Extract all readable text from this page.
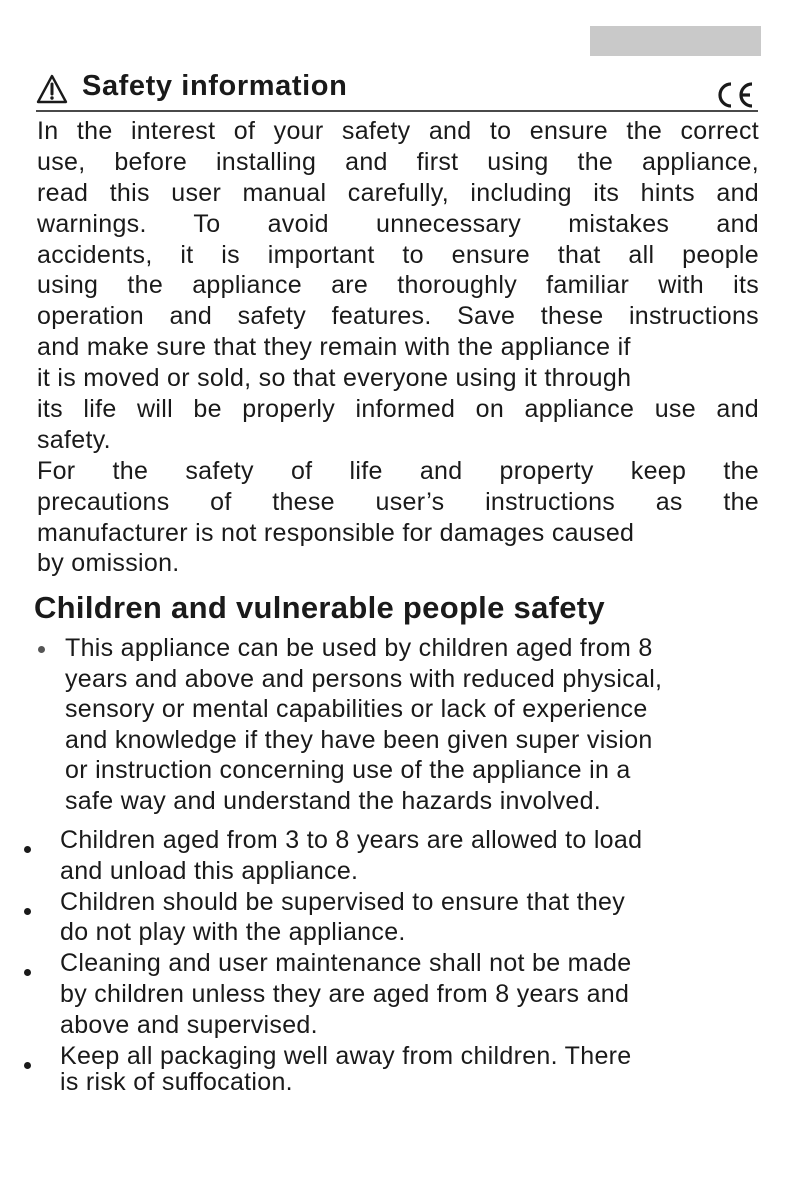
Safety information
In the interest of your safety and to ensure the correct
use, before installing and first using the appliance,
read this user manual carefully, including its hints and
warnings. To avoid unnecessary mistakes and
accidents, it is important to ensure that all people
using the appliance are thoroughly familiar with its
operation and safety features. Save these instructions
and make sure that they remain with the appliance if
it is moved or sold, so that everyone using it through
its life will be properly informed on appliance use and
safety.
For the safety of life and property keep the
precautions of these user’s instructions as the
manufacturer is not responsible for damages caused
by omission.
Children and vulnerable people safety
This appliance can be used by children aged from 8
years and above and persons with reduced physical,
sensory or mental capabilities or lack of experience
and knowledge if they have been given super vision
or instruction concerning use of the appliance in a
safe way and understand the hazards involved.
Children aged from 3 to 8 years are allowed to load
and unload this appliance.
Children should be supervised to ensure that they
do not play with the appliance.
Cleaning and user maintenance shall not be made
by children unless they are aged from 8 years and
above and supervised.
Keep all packaging well away from children. There
is risk of suffocation.
